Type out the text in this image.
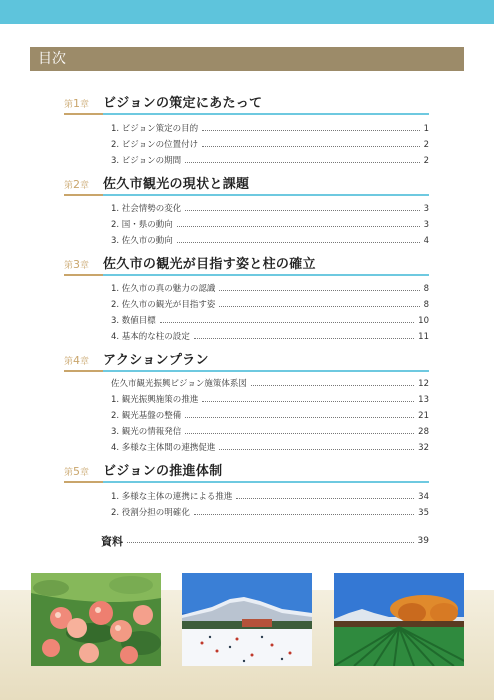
目次
第1章 ビジョンの策定にあたって
1. ビジョン策定の目的	1
2. ビジョンの位置付け	2
3. ビジョンの期間	2
第2章 佐久市観光の現状と課題
1. 社会情勢の変化	3
2. 国・県の動向	3
3. 佐久市の動向	4
第3章 佐久市の観光が目指す姿と柱の確立
1. 佐久市の真の魅力の認識	8
2. 佐久市の観光が目指す姿	8
3. 数値目標	10
4. 基本的な柱の設定	11
第4章 アクションプラン
佐久市観光振興ビジョン施策体系図	12
1. 観光振興施策の推進	13
2. 観光基盤の整備	21
3. 観光の情報発信	28
4. 多様な主体間の連携促進	32
第5章 ビジョンの推進体制
1. 多様な主体の連携による推進	34
2. 役割分担の明確化	35
資料	39
